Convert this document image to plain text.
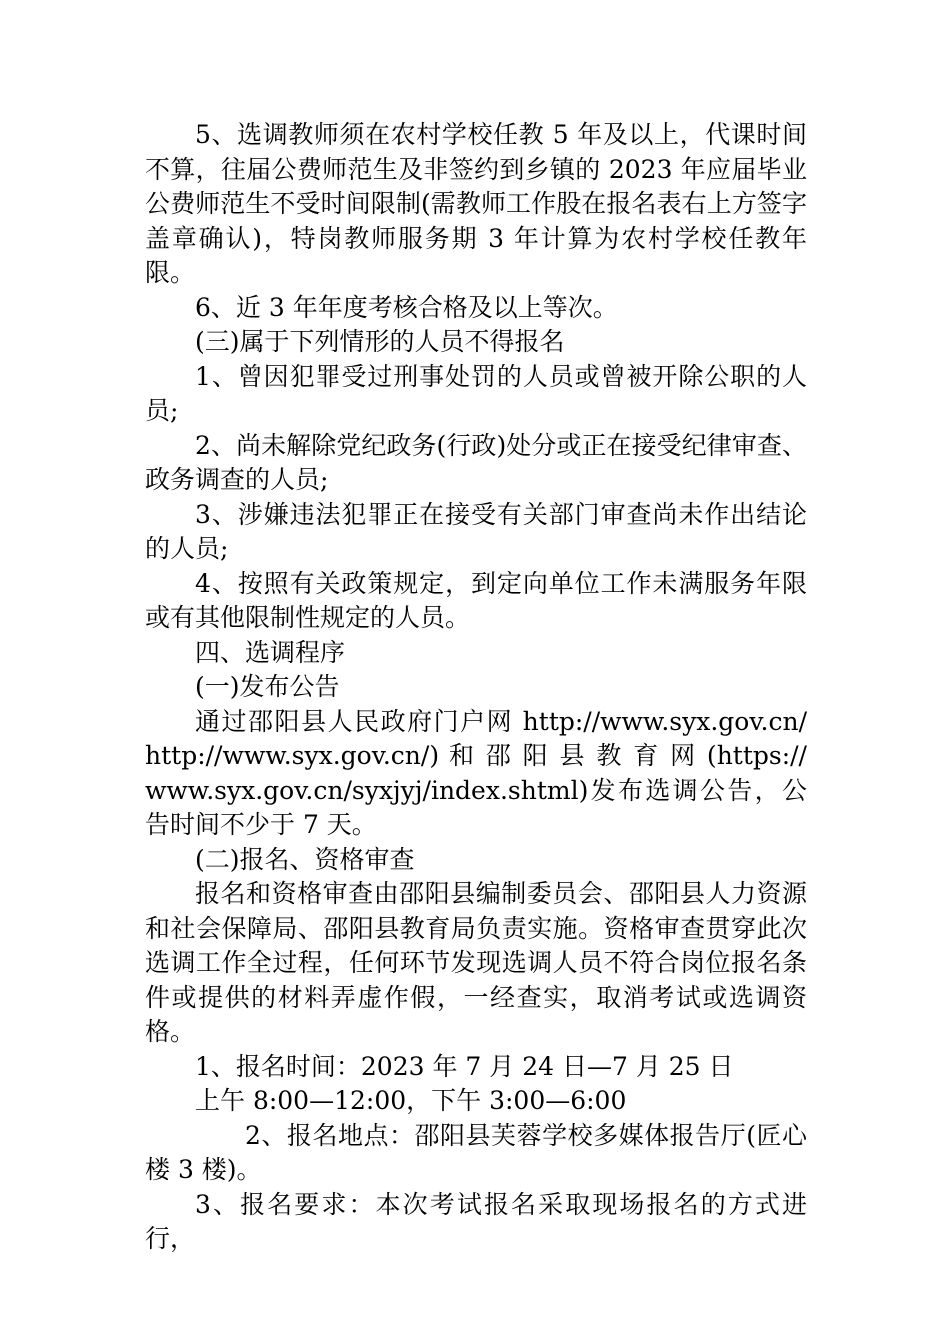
5、选调教师须在农村学校任教 5 年及以上，代课时间不算，往届公费师范生及非签约到乡镇的 2023 年应届毕业公费师范生不受时间限制(需教师工作股在报名表右上方签字盖章确认)，特岗教师服务期 3 年计算为农村学校任教年限。

6、近 3 年年度考核合格及以上等次。

(三)属于下列情形的人员不得报名

1、曾因犯罪受过刑事处罚的人员或曾被开除公职的人员;

2、尚未解除党纪政务(行政)处分或正在接受纪律审查、政务调查的人员;

3、涉嫌违法犯罪正在接受有关部门审查尚未作出结论的人员;

4、按照有关政策规定，到定向单位工作未满服务年限或有其他限制性规定的人员。

四、选调程序

(一)发布公告

通过邵阳县人民政府门户网 http://www.syx.gov.cn/ http://www.syx.gov.cn/) 和 邵 阳 县 教 育 网 (https:// www.syx.gov.cn/syxjyj/index.shtml)发布选调公告，公告时间不少于 7 天。

(二)报名、资格审查

报名和资格审查由邵阳县编制委员会、邵阳县人力资源和社会保障局、邵阳县教育局负责实施。资格审查贯穿此次选调工作全过程，任何环节发现选调人员不符合岗位报名条件或提供的材料弄虚作假，一经查实，取消考试或选调资格。

1、报名时间：2023 年 7 月 24 日—7 月 25 日

上午 8:00—12:00，下午 3:00—6:00

2、报名地点：邵阳县芙蓉学校多媒体报告厅(匠心楼 3 楼)。

3、报名要求：本次考试报名采取现场报名的方式进行，
